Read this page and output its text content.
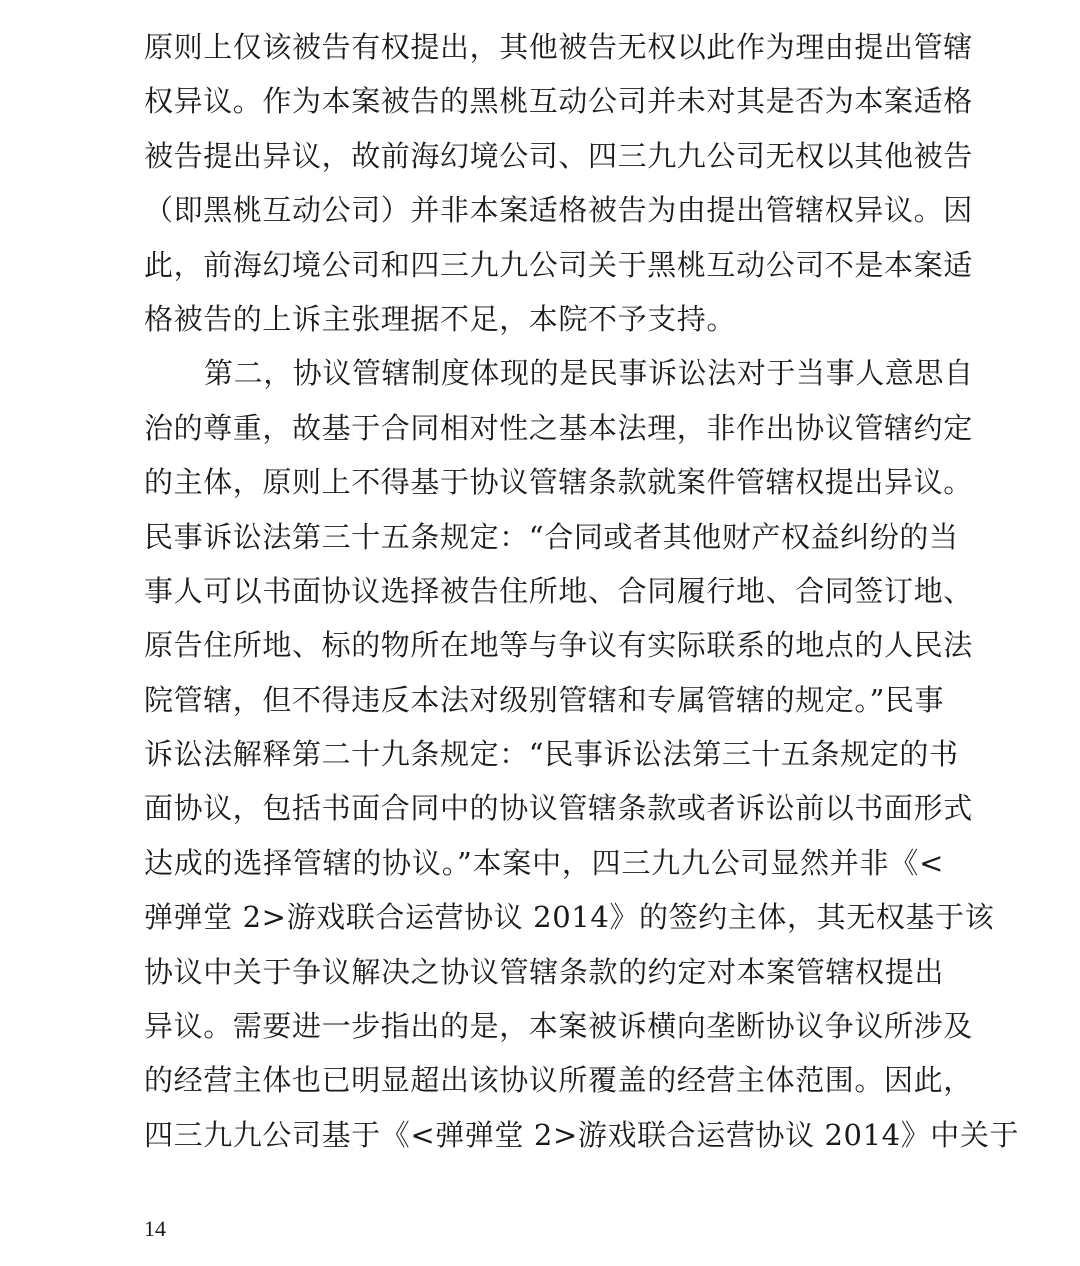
原则上仅该被告有权提出，其他被告无权以此作为理由提出管辖
权异议。作为本案被告的黑桃互动公司并未对其是否为本案适格
被告提出异议，故前海幻境公司、四三九九公司无权以其他被告
（即黑桃互动公司）并非本案适格被告为由提出管辖权异议。因
此，前海幻境公司和四三九九公司关于黑桃互动公司不是本案适
格被告的上诉主张理据不足，本院不予支持。
第二，协议管辖制度体现的是民事诉讼法对于当事人意思自
治的尊重，故基于合同相对性之基本法理，非作出协议管辖约定
的主体，原则上不得基于协议管辖条款就案件管辖权提出异议。
民事诉讼法第三十五条规定：“合同或者其他财产权益纠纷的当
事人可以书面协议选择被告住所地、合同履行地、合同签订地、
原告住所地、标的物所在地等与争议有实际联系的地点的人民法
院管辖，但不得违反本法对级别管辖和专属管辖的规定。”民事
诉讼法解释第二十九条规定：“民事诉讼法第三十五条规定的书
面协议，包括书面合同中的协议管辖条款或者诉讼前以书面形式
达成的选择管辖的协议。”本案中，四三九九公司显然并非《<
弹弹堂 2>游戏联合运营协议 2014》的签约主体，其无权基于该
协议中关于争议解决之协议管辖条款的约定对本案管辖权提出
异议。需要进一步指出的是，本案被诉横向垄断协议争议所涉及
的经营主体也已明显超出该协议所覆盖的经营主体范围。因此，
四三九九公司基于《<弹弹堂 2>游戏联合运营协议 2014》中关于
14
